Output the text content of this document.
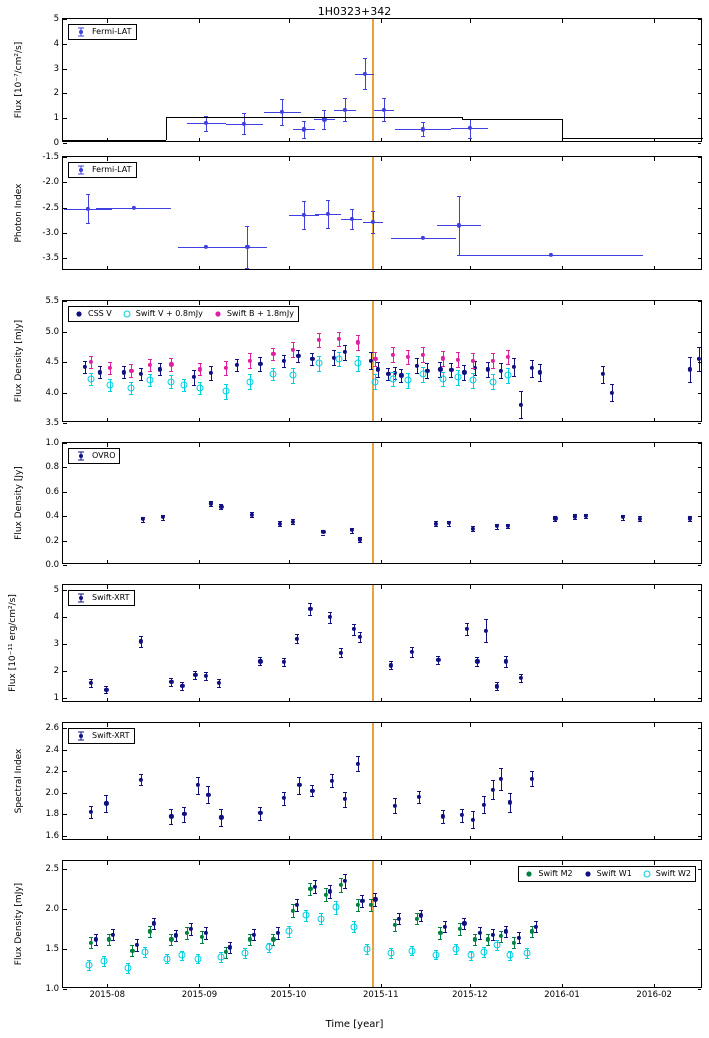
1H0323+342
0
1
2
3
4
5
Fermi-LAT
-3.5
-3.0
-2.5
-2.0
-1.5
Fermi-LAT
3.5
4.0
4.5
5.0
5.5
CSS V	Swift V + 0.8mJy	Swift B + 1.8mJy
0.0
0.2
0.4
0.6
0.8
1.0
OVRO
1
2
3
4
5
Swift-XRT
1.6
1.8
2.0
2.2
2.4
2.6
Swift-XRT
1.0
1.5
2.0
2.5
2015-08	2015-09	2015-10	2015-11	2015-12	2016-01	2016-02
Swift M2	Swift W1	Swift W2
Time [year]
Flux [10⁻⁷/cm²/s]
Photon Index
Flux Density [mJy]
Flux Density [Jy]
Flux [10⁻¹¹ erg/cm²/s]
Spectral Index
Flux Density [mJy]
